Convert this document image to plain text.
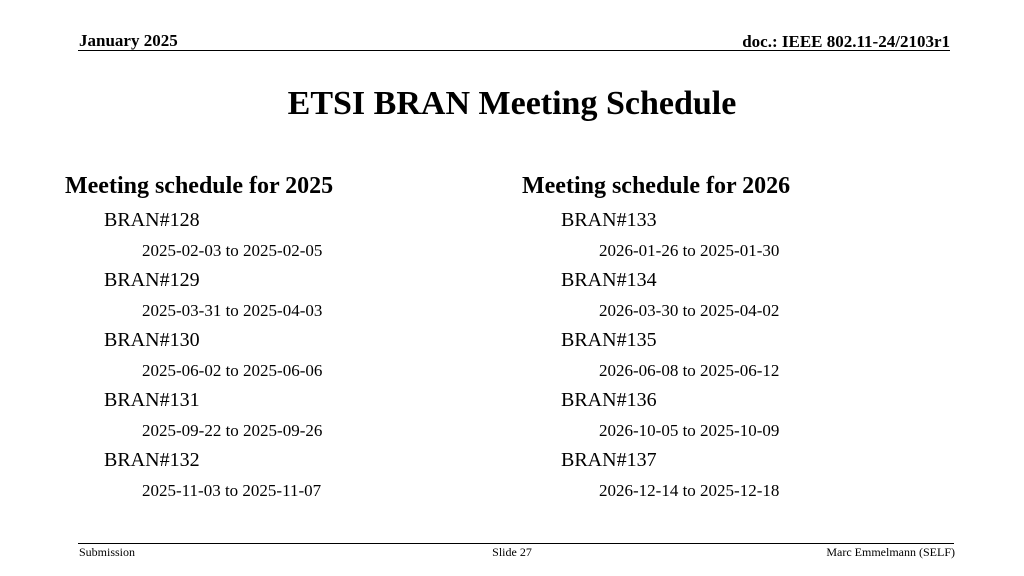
January 2025	doc.: IEEE 802.11-24/2103r1
ETSI BRAN Meeting Schedule
Meeting schedule for 2025
BRAN#128
2025-02-03 to 2025-02-05
BRAN#129
2025-03-31 to 2025-04-03
BRAN#130
2025-06-02 to 2025-06-06
BRAN#131
2025-09-22 to 2025-09-26
BRAN#132
2025-11-03 to 2025-11-07
Meeting schedule for 2026
BRAN#133
2026-01-26 to 2025-01-30
BRAN#134
2026-03-30 to 2025-04-02
BRAN#135
2026-06-08 to 2025-06-12
BRAN#136
2026-10-05 to 2025-10-09
BRAN#137
2026-12-14 to 2025-12-18
Submission	Slide 27	Marc Emmelmann (SELF)
